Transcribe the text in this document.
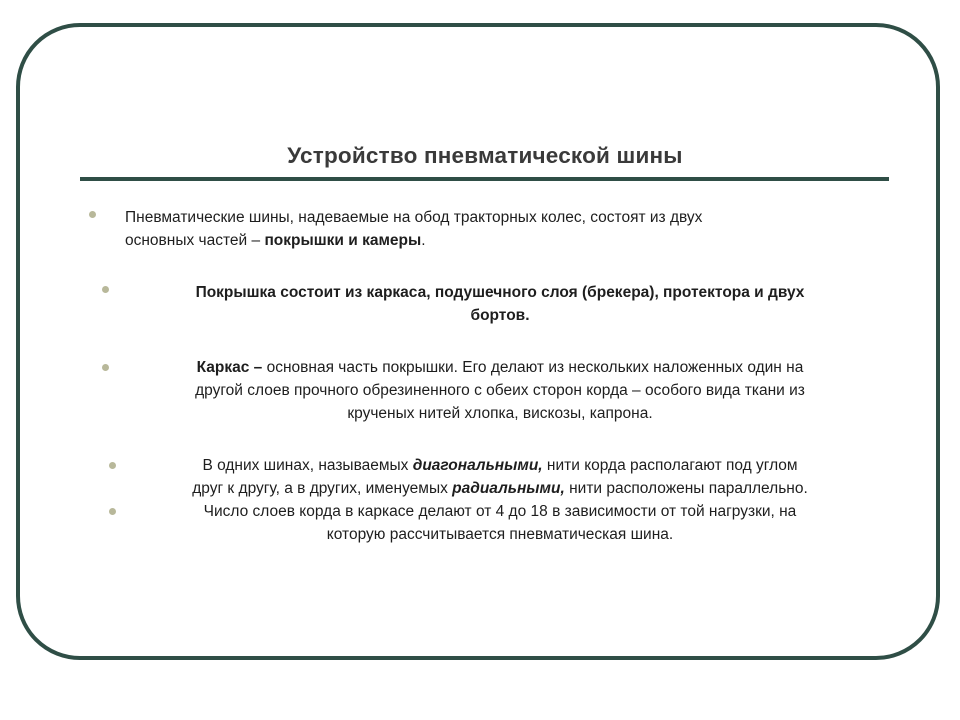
Устройство пневматической шины
Пневматические шины, надеваемые на обод тракторных колес, состоят из двух
основных частей – покрышки и камеры.
Покрышка состоит из каркаса, подушечного слоя (брекера), протектора и двух
бортов.
Каркас – основная часть покрышки. Его делают из нескольких наложенных один на
другой слоев прочного обрезиненного с обеих сторон корда – особого вида ткани из
крученых нитей хлопка, вискозы, капрона.
В одних шинах, называемых диагональными, нити корда располагают под углом
друг к другу, а в других, именуемых радиальными, нити расположены параллельно.
Число слоев корда в каркасе делают от 4 до 18 в зависимости от той нагрузки, на
которую рассчитывается пневматическая шина.
